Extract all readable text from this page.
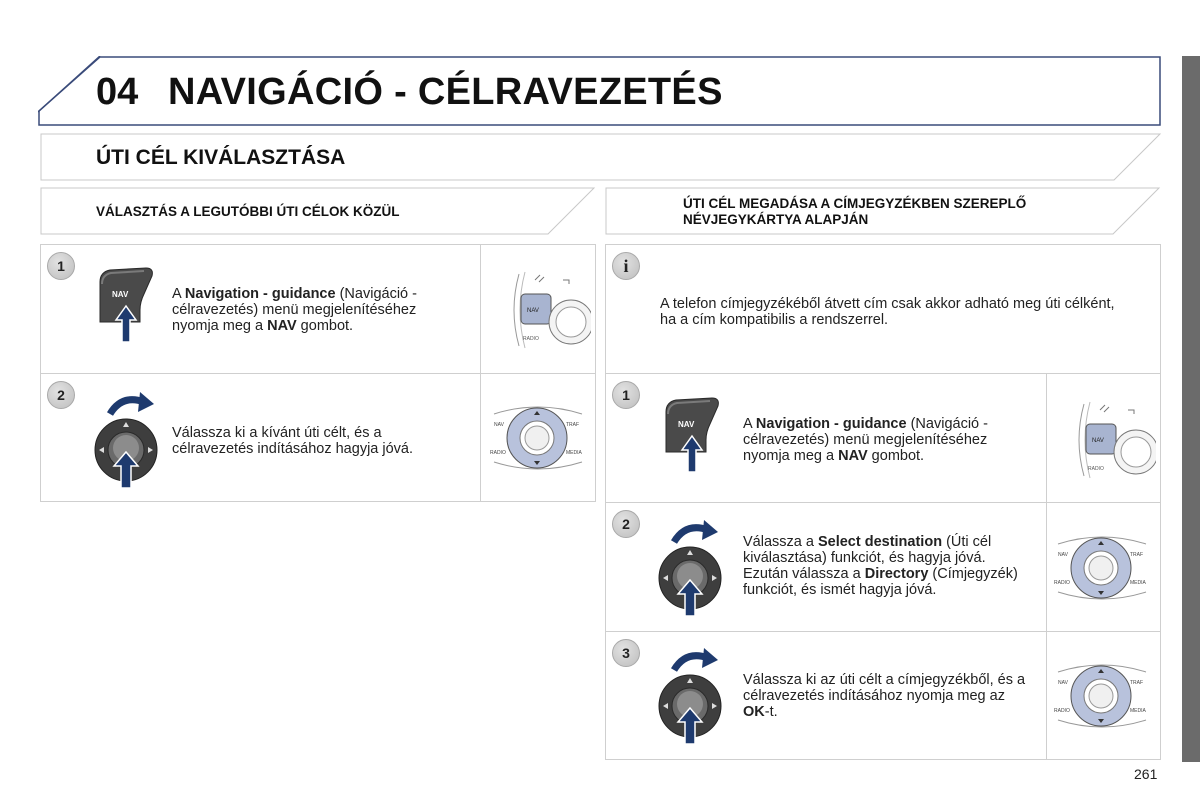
04 NAVIGÁCIÓ - CÉLRAVEZETÉS
ÚTI CÉL KIVÁLASZTÁSA
VÁLASZTÁS A LEGUTÓBBI ÚTI CÉLOK KÖZÜL
ÚTI CÉL MEGADÁSA A CÍMJEGYZÉKBEN SZEREPLŐ
NÉVJEGYKÁRTYA ALAPJÁN
1
NAV	A Navigation - guidance (Navigáció - célravezetés) menü megjelenítéséhez nyomja meg a NAV gombot.
NAV
RADIO
2
Válassza ki a kívánt úti célt, és a célravezetés indításához hagyja jóvá.
NAV	TRAF
RADIO	MEDIA
i
A telefon címjegyzékéből átvett cím csak akkor adható meg úti célként, ha a cím kompatibilis a rendszerrel.
1
NAV	A Navigation - guidance (Navigáció - célravezetés) menü megjelenítéséhez nyomja meg a NAV gombot.
NAV
RADIO
2
Válassza a Select destination (Úti cél kiválasztása) funkciót, és hagyja jóvá. Ezután válassza a Directory (Címjegyzék) funkciót, és ismét hagyja jóvá.
NAV	TRAF
RADIO	MEDIA
3
Válassza ki az úti célt a címjegyzékből, és a célravezetés indításához nyomja meg az OK-t.
NAV	TRAF
RADIO	MEDIA
261
